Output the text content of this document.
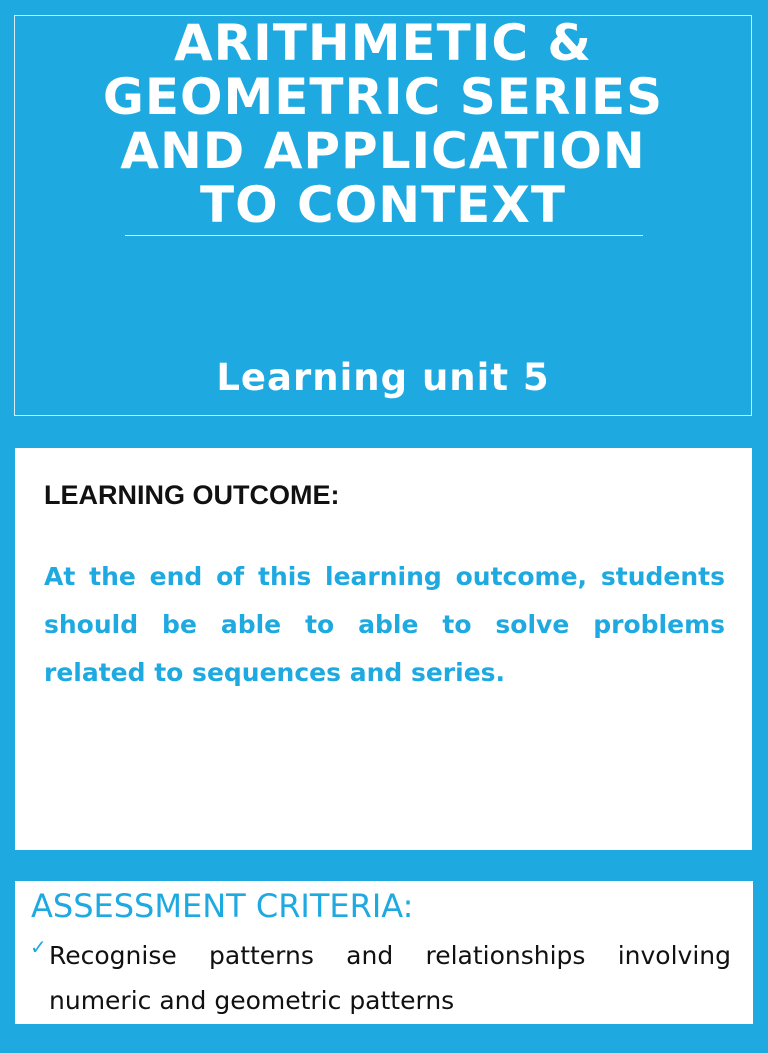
ARITHMETIC &
GEOMETRIC SERIES
AND APPLICATION
TO CONTEXT
Learning unit 5
LEARNING OUTCOME:

At the end of this learning outcome, students should be able to able to solve problems related to sequences and series.

ASSESSMENT CRITERIA:
✓ Recognise patterns and relationships involving numeric and geometric patterns
✓
